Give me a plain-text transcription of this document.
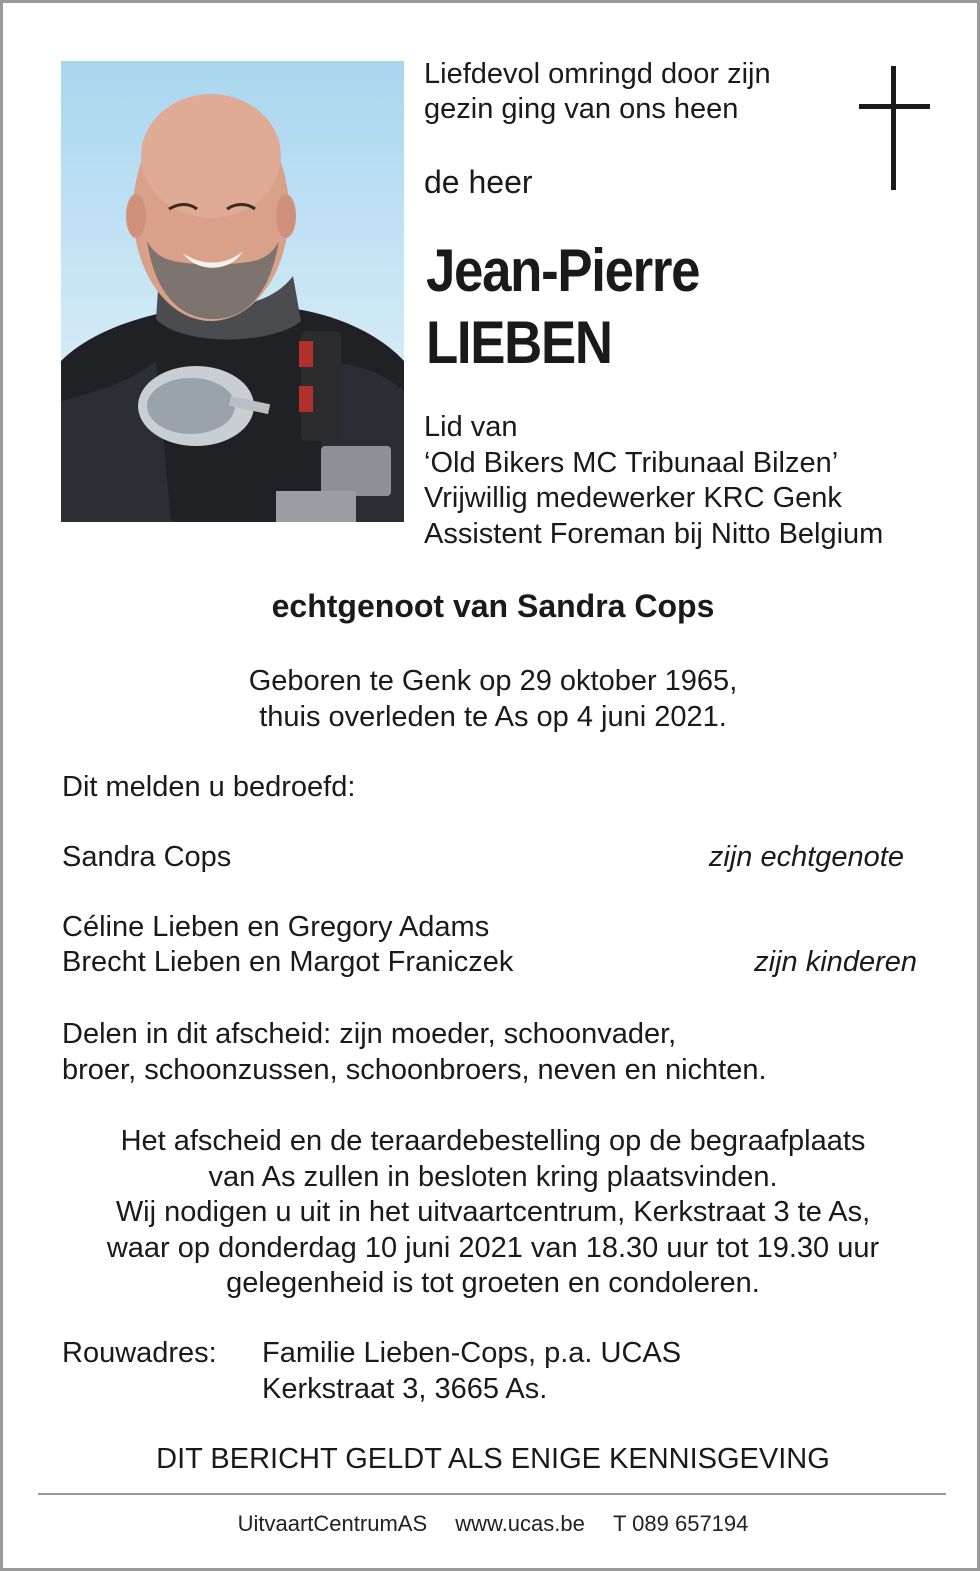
Liefdevol omringd door zijn
gezin ging van ons heen
de heer
Jean-Pierre
LIEBEN
Lid van
‘Old Bikers MC Tribunaal Bilzen’
Vrijwillig medewerker KRC Genk
Assistent Foreman bij Nitto Belgium
echtgenoot van Sandra Cops
Geboren te Genk op 29 oktober 1965,
thuis overleden te As op 4 juni 2021.
Dit melden u bedroefd:
Sandra Cops	zijn echtgenote
Céline Lieben en Gregory Adams
Brecht Lieben en Margot Franiczek	zijn kinderen
Delen in dit afscheid: zijn moeder, schoonvader,
broer, schoonzussen, schoonbroers, neven en nichten.
Het afscheid en de teraardebestelling op de begraafplaats
van As zullen in besloten kring plaatsvinden.
Wij nodigen u uit in het uitvaartcentrum, Kerkstraat 3 te As,
waar op donderdag 10 juni 2021 van 18.30 uur tot 19.30 uur
gelegenheid is tot groeten en condoleren.
Rouwadres: Familie Lieben-Cops, p.a. UCAS
Kerkstraat 3, 3665 As.
DIT BERICHT GELDT ALS ENIGE KENNISGEVING
UitvaartCentrumAS www.ucas.be T 089 657194
